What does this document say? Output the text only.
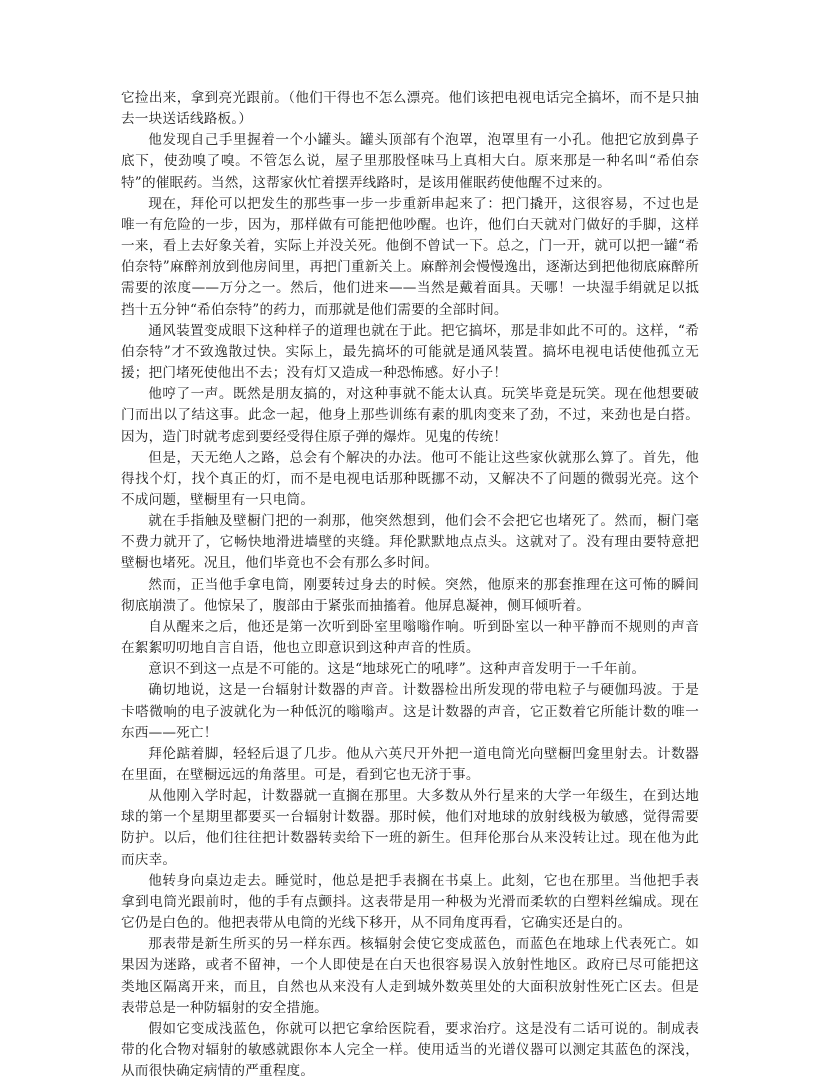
它捡出来，拿到亮光跟前。（他们干得也不怎么漂亮。他们该把电视电话完全搞坏，而不是只抽去一块送话线路板。）

他发现自己手里握着一个小罐头。罐头顶部有个泡罩，泡罩里有一小孔。他把它放到鼻子底下，使劲嗅了嗅。不管怎么说，屋子里那股怪味马上真相大白。原来那是一种名叫“希伯奈特”的催眠药。当然，这帮家伙忙着摆弄线路时，是该用催眠药使他醒不过来的。

现在，拜伦可以把发生的那些事一步一步重新串起来了：把门撬开，这很容易，不过也是唯一有危险的一步，因为，那样做有可能把他吵醒。也许，他们白天就对门做好的手脚，这样一来，看上去好象关着，实际上并没关死。他倒不曾试一下。总之，门一开，就可以把一罐“希伯奈特”麻醉剂放到他房间里，再把门重新关上。麻醉剂会慢慢逸出，逐渐达到把他彻底麻醉所需要的浓度——万分之一。然后，他们进来——当然是戴着面具。天哪！一块湿手绢就足以抵挡十五分钟“希伯奈特”的药力，而那就是他们需要的全部时间。

通风装置变成眼下这种样子的道理也就在于此。把它搞坏，那是非如此不可的。这样，“希伯奈特”才不致逸散过快。实际上，最先搞坏的可能就是通风装置。搞坏电视电话使他孤立无援；把门堵死使他出不去；没有灯又造成一种恐怖感。好小子！

他哼了一声。既然是朋友搞的，对这种事就不能太认真。玩笑毕竟是玩笑。现在他想要破门而出以了结这事。此念一起，他身上那些训练有素的肌肉变来了劲，不过，来劲也是白搭。因为，造门时就考虑到要经受得住原子弹的爆炸。见鬼的传统！

但是，天无绝人之路，总会有个解决的办法。他可不能让这些家伙就那么算了。首先，他得找个灯，找个真正的灯，而不是电视电话那种既挪不动，又解决不了问题的微弱光亮。这个不成问题，壁橱里有一只电筒。

就在手指触及壁橱门把的一刹那，他突然想到，他们会不会把它也堵死了。然而，橱门毫不费力就开了，它畅快地滑进墙壁的夹缝。拜伦默默地点点头。这就对了。没有理由要特意把壁橱也堵死。况且，他们毕竟也不会有那么多时间。

然而，正当他手拿电筒，刚要转过身去的时候。突然，他原来的那套推理在这可怖的瞬间彻底崩溃了。他惊呆了，腹部由于紧张而抽搐着。他屏息凝神，侧耳倾听着。

自从醒来之后，他还是第一次听到卧室里嗡嗡作响。听到卧室以一种平静而不规则的声音在絮絮叨叨地自言自语，他也立即意识到这种声音的性质。

意识不到这一点是不可能的。这是“地球死亡的吼哮”。这种声音发明于一千年前。

确切地说，这是一台辐射计数器的声音。计数器检出所发现的带电粒子与硬伽玛波。于是卡嗒微响的电子波就化为一种低沉的嗡嗡声。这是计数器的声音，它正数着它所能计数的唯一东西——死亡！

拜伦踮着脚，轻轻后退了几步。他从六英尺开外把一道电筒光向壁橱凹龛里射去。计数器在里面，在壁橱远远的角落里。可是，看到它也无济于事。

从他刚入学时起，计数器就一直搁在那里。大多数从外行星来的大学一年级生，在到达地球的第一个星期里都要买一台辐射计数器。那时候，他们对地球的放射线极为敏感，觉得需要防护。以后，他们往往把计数器转卖给下一班的新生。但拜伦那台从来没转让过。现在他为此而庆幸。

他转身向桌边走去。睡觉时，他总是把手表搁在书桌上。此刻，它也在那里。当他把手表拿到电筒光跟前时，他的手有点颤抖。这表带是用一种极为光滑而柔软的白塑料丝编成。现在它仍是白色的。他把表带从电筒的光线下移开，从不同角度再看，它确实还是白的。

那表带是新生所买的另一样东西。核辐射会使它变成蓝色，而蓝色在地球上代表死亡。如果因为迷路，或者不留神，一个人即使是在白天也很容易误入放射性地区。政府已尽可能把这类地区隔离开来，而且，自然也从来没有人走到城外数英里处的大面积放射性死亡区去。但是表带总是一种防辐射的安全措施。

假如它变成浅蓝色，你就可以把它拿给医院看，要求治疗。这是没有二话可说的。制成表带的化合物对辐射的敏感就跟你本人完全一样。使用适当的光谱仪器可以测定其蓝色的深浅，从而很快确定病情的严重程度。
